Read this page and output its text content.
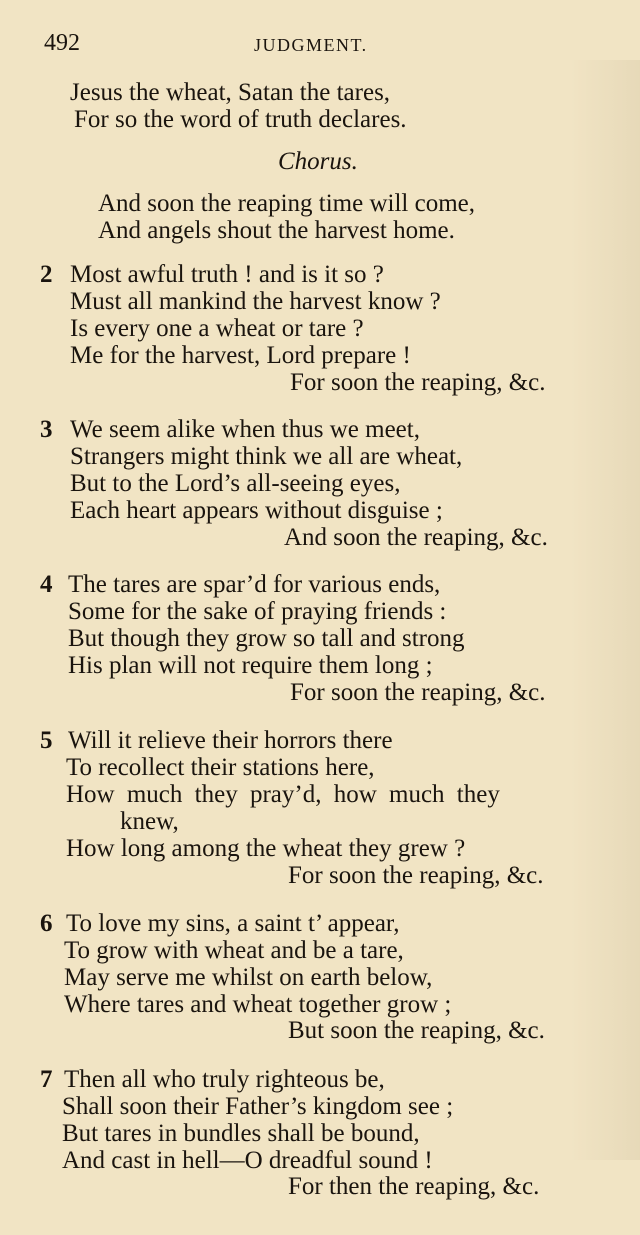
492	JUDGMENT.
Jesus the wheat, Satan the tares,
For so the word of truth declares.
Chorus.
And soon the reaping time will come,
And angels shout the harvest home.
2 Most awful truth ! and is it so ?
Must all mankind the harvest know ?
Is every one a wheat or tare ?
Me for the harvest, Lord prepare !
For soon the reaping, &c.
3 We seem alike when thus we meet,
Strangers might think we all are wheat,
But to the Lord’s all-seeing eyes,
Each heart appears without disguise ;
And soon the reaping, &c.
4 The tares are spar’d for various ends,
Some for the sake of praying friends :
But though they grow so tall and strong
His plan will not require them long ;
For soon the reaping, &c.
5 Will it relieve their horrors there
To recollect their stations here,
How much they pray’d, how much they
knew,
How long among the wheat they grew ?
For soon the reaping, &c.
6 To love my sins, a saint t’ appear,
To grow with wheat and be a tare,
May serve me whilst on earth below,
Where tares and wheat together grow ;
But soon the reaping, &c.
7 Then all who truly righteous be,
Shall soon their Father’s kingdom see ;
But tares in bundles shall be bound,
And cast in hell—O dreadful sound !
For then the reaping, &c.
